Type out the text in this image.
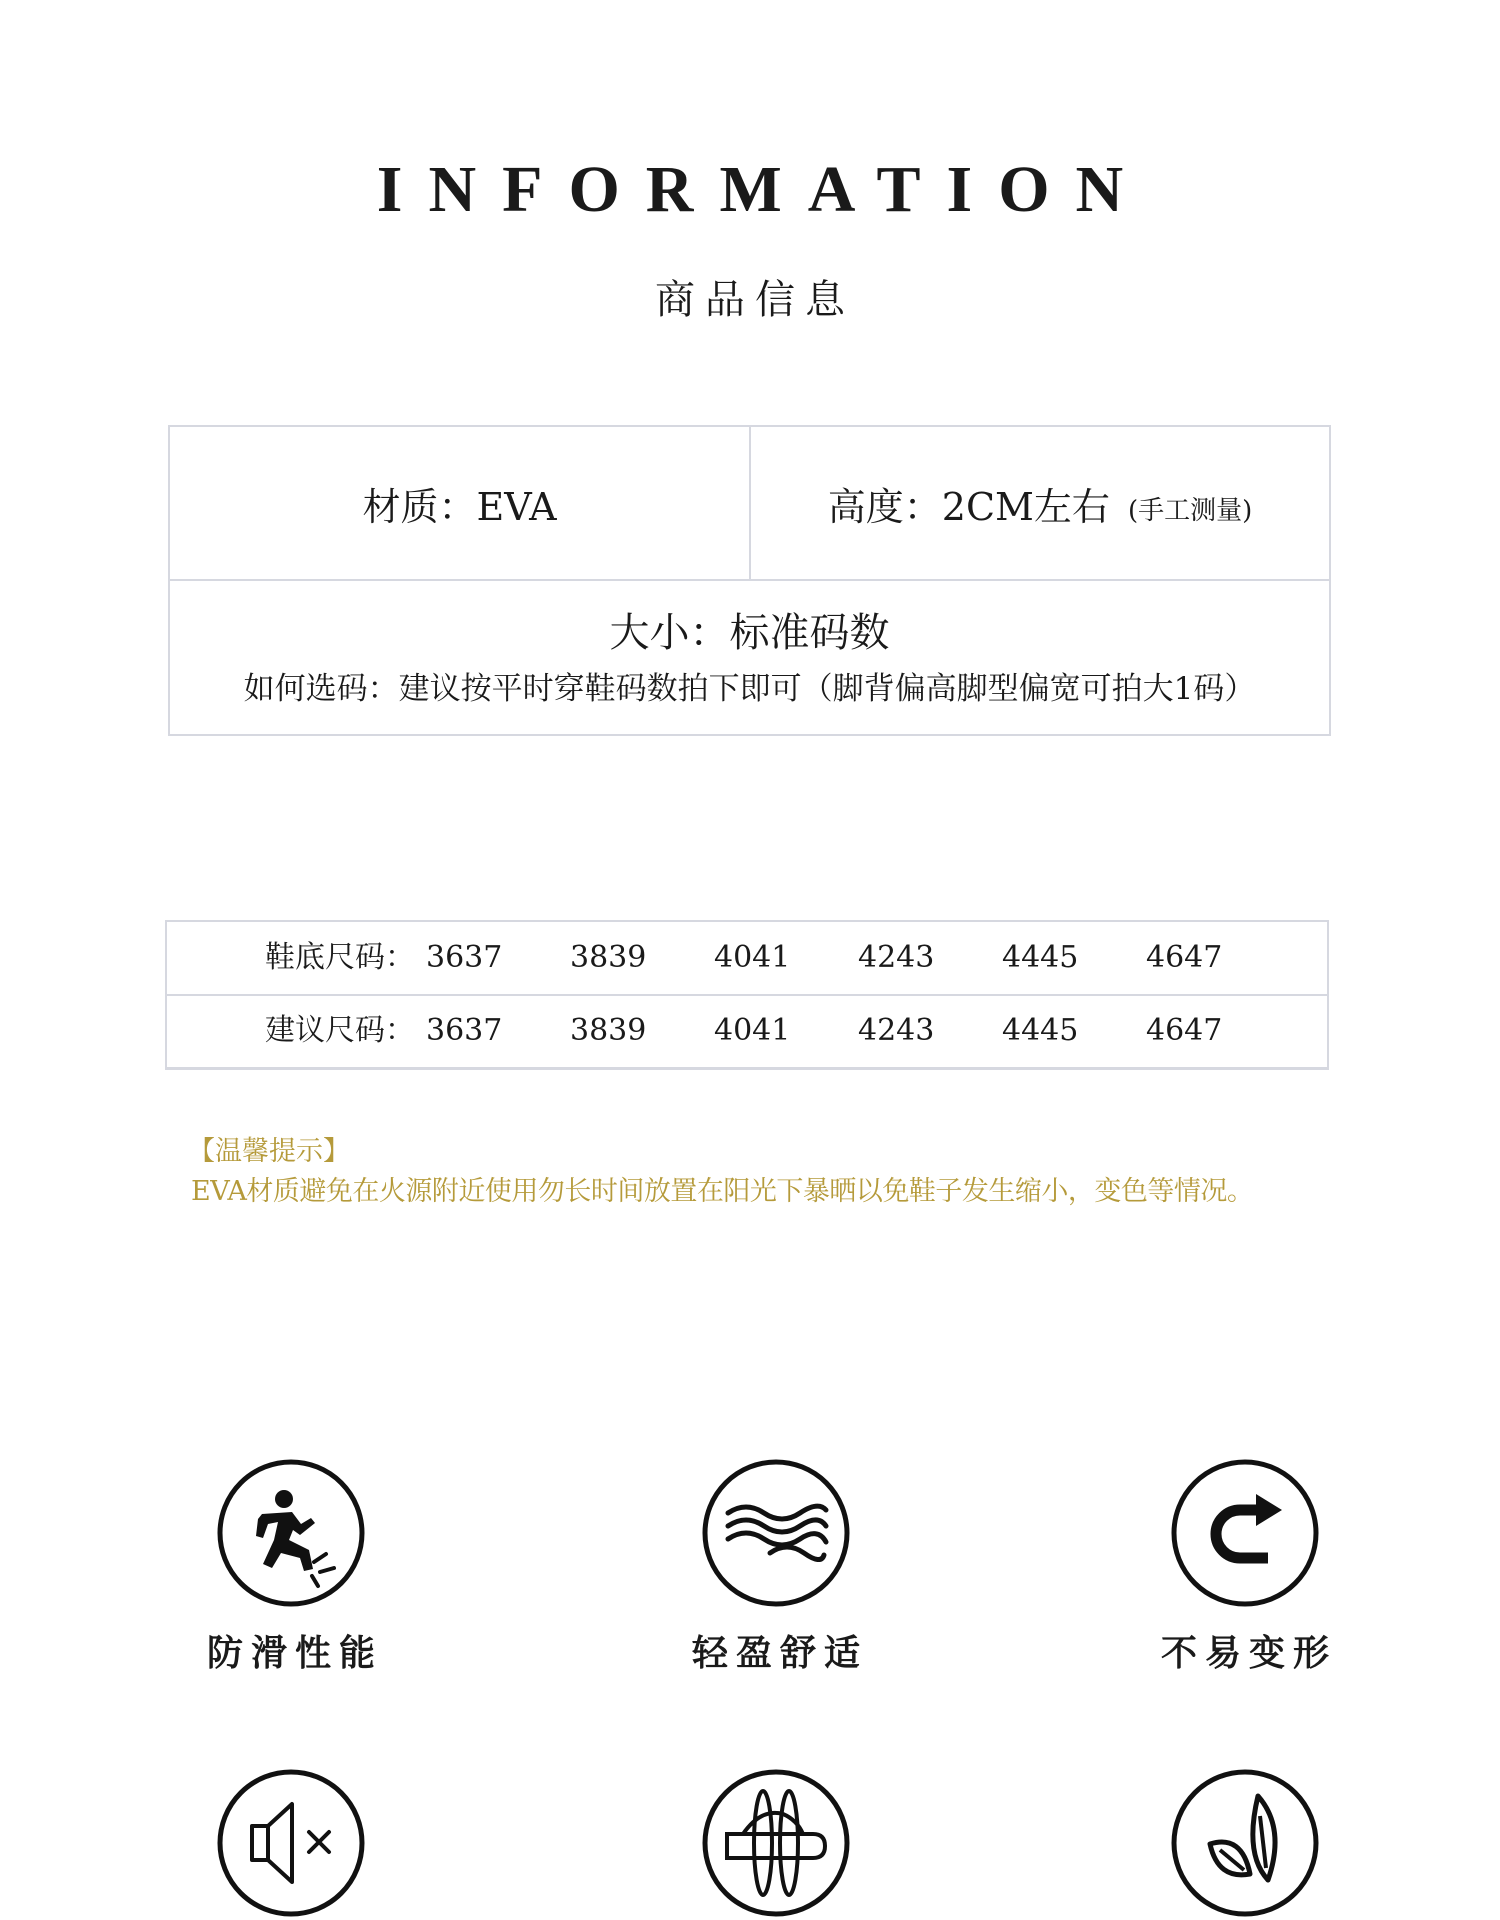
INFORMATION
商品信息
材质：EVA	高度：2CM左右 (手工测量)
大小：标准码数
如何选码：建议按平时穿鞋码数拍下即可（脚背偏高脚型偏宽可拍大1码）
鞋底尺码： 3637 3839 4041 4243 4445 4647
建议尺码： 3637 3839 4041 4243 4445 4647
【温馨提示】
EVA材质避免在火源附近使用勿长时间放置在阳光下暴晒以免鞋子发生缩小，变色等情况。
防滑性能	轻盈舒适	不易变形
